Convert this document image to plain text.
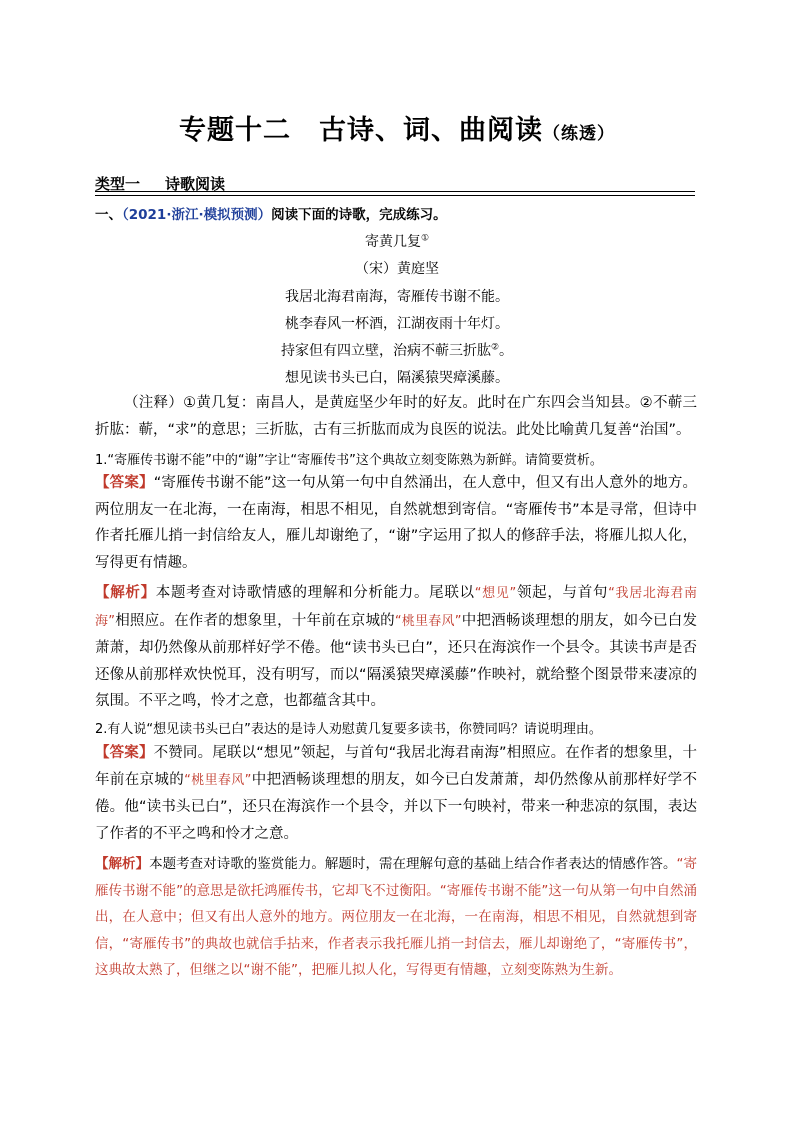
专题十二 古诗、词、曲阅读（练透）
类型一 诗歌阅读
一、（2021·浙江·模拟预测）阅读下面的诗歌，完成练习。
寄黄几复①
（宋）黄庭坚
我居北海君南海，寄雁传书谢不能。
桃李春风一杯酒，江湖夜雨十年灯。
持家但有四立壁，治病不蕲三折肱②。
想见读书头已白，隔溪猿哭瘴溪藤。
（注释）①黄几复：南昌人，是黄庭坚少年时的好友。此时在广东四会当知县。②不蕲三折肱：蕲，“求”的意思；三折肱，古有三折肱而成为良医的说法。此处比喻黄几复善“治国”。
1.“寄雁传书谢不能”中的“谢”字让“寄雁传书”这个典故立刻变陈熟为新鲜。请简要赏析。
【答案】“寄雁传书谢不能”这一句从第一句中自然涌出，在人意中，但又有出人意外的地方。两位朋友一在北海，一在南海，相思不相见，自然就想到寄信。“寄雁传书”本是寻常，但诗中作者托雁儿捎一封信给友人，雁儿却谢绝了，“谢”字运用了拟人的修辞手法，将雁儿拟人化，写得更有情趣。
【解析】本题考查对诗歌情感的理解和分析能力。尾联以“想见”领起，与首句“我居北海君南海”相照应。在作者的想象里，十年前在京城的“桃里春风”中把酒畅谈理想的朋友，如今已白发萧萧，却仍然像从前那样好学不倦。他“读书头已白”，还只在海滨作一个县令。其读书声是否还像从前那样欢快悦耳，没有明写，而以“隔溪猿哭瘴溪藤”作映衬，就给整个图景带来凄凉的氛围。不平之鸣，怜才之意，也都蕴含其中。
2.有人说“想见读书头已白”表达的是诗人劝慰黄几复要多读书，你赞同吗？请说明理由。
【答案】不赞同。尾联以“想见”领起，与首句“我居北海君南海”相照应。在作者的想象里，十年前在京城的“桃里春风”中把酒畅谈理想的朋友，如今已白发萧萧，却仍然像从前那样好学不倦。他“读书头已白”，还只在海滨作一个县令，并以下一句映衬，带来一种悲凉的氛围，表达了作者的不平之鸣和怜才之意。
【解析】本题考查对诗歌的鉴赏能力。解题时，需在理解句意的基础上结合作者表达的情感作答。“寄雁传书谢不能”的意思是欲托鸿雁传书，它却飞不过衡阳。“寄雁传书谢不能”这一句从第一句中自然涌出，在人意中；但又有出人意外的地方。两位朋友一在北海，一在南海，相思不相见，自然就想到寄信，“寄雁传书”的典故也就信手拈来，作者表示我托雁儿捎一封信去，雁儿却谢绝了，“寄雁传书”，这典故太熟了，但继之以“谢不能”，把雁儿拟人化，写得更有情趣，立刻变陈熟为生新。
